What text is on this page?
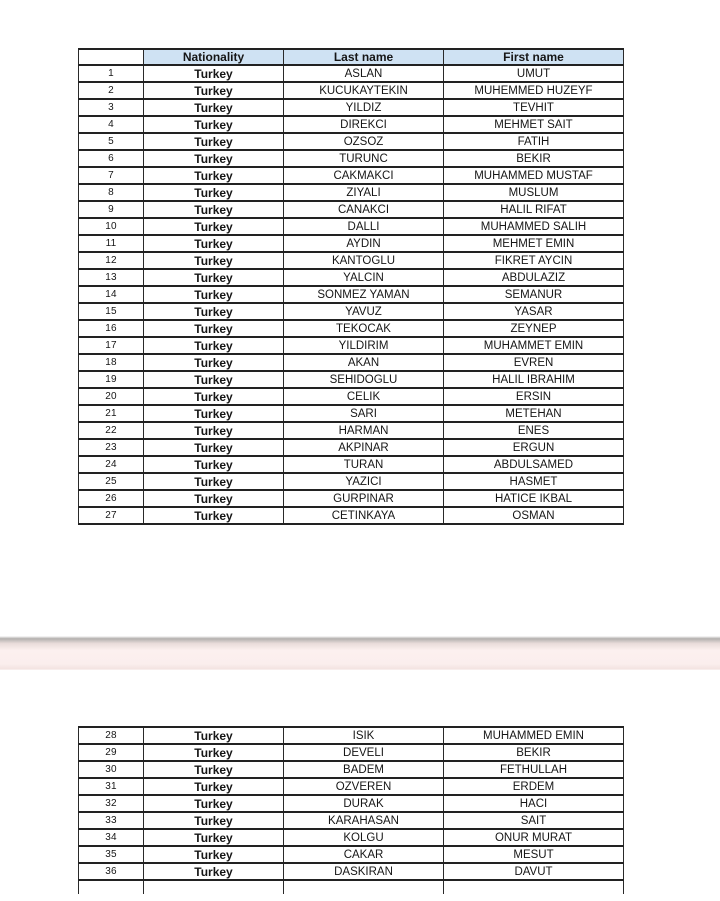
	Nationality	Last name	First name
1	Turkey	ASLAN	UMUT
2	Turkey	KUCUKAYTEKIN	MUHEMMED HUZEYF
3	Turkey	YILDIZ	TEVHIT
4	Turkey	DIREKCI	MEHMET SAIT
5	Turkey	OZSOZ	FATIH
6	Turkey	TURUNC	BEKIR
7	Turkey	CAKMAKCI	MUHAMMED MUSTAF
8	Turkey	ZIYALI	MUSLUM
9	Turkey	CANAKCI	HALIL RIFAT
10	Turkey	DALLI	MUHAMMED SALIH
11	Turkey	AYDIN	MEHMET EMIN
12	Turkey	KANTOGLU	FIKRET AYCIN
13	Turkey	YALCIN	ABDULAZIZ
14	Turkey	SONMEZ YAMAN	SEMANUR
15	Turkey	YAVUZ	YASAR
16	Turkey	TEKOCAK	ZEYNEP
17	Turkey	YILDIRIM	MUHAMMET EMIN
18	Turkey	AKAN	EVREN
19	Turkey	SEHIDOGLU	HALIL IBRAHIM
20	Turkey	CELIK	ERSIN
21	Turkey	SARI	METEHAN
22	Turkey	HARMAN	ENES
23	Turkey	AKPINAR	ERGUN
24	Turkey	TURAN	ABDULSAMED
25	Turkey	YAZICI	HASMET
26	Turkey	GURPINAR	HATICE IKBAL
27	Turkey	CETINKAYA	OSMAN
28	Turkey	ISIK	MUHAMMED EMIN
29	Turkey	DEVELI	BEKIR
30	Turkey	BADEM	FETHULLAH
31	Turkey	OZVEREN	ERDEM
32	Turkey	DURAK	HACI
33	Turkey	KARAHASAN	SAIT
34	Turkey	KOLGU	ONUR MURAT
35	Turkey	CAKAR	MESUT
36	Turkey	DASKIRAN	DAVUT
